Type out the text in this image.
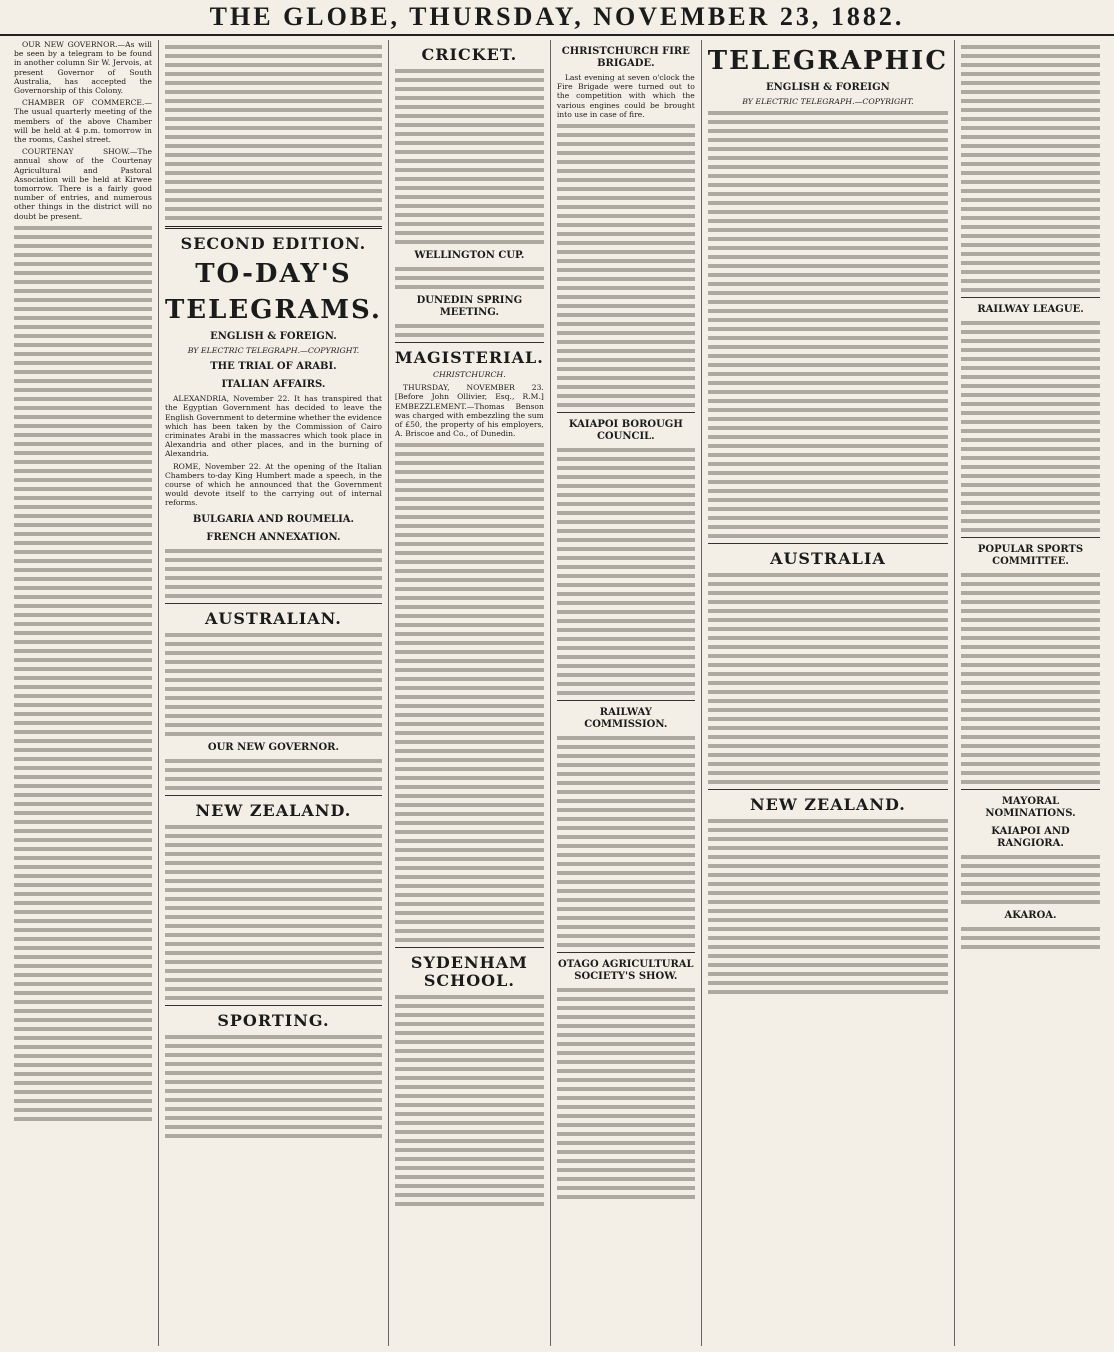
THE GLOBE, THURSDAY, NOVEMBER 23, 1882.

OUR NEW GOVERNOR.—As will be seen by a telegram to be found in another column Sir W. Jervois, at present Governor of South Australia, has accepted the Governorship of this Colony.

CHAMBER OF COMMERCE.—The usual quarterly meeting of the members of the above Chamber will be held at 4 p.m. tomorrow in the rooms, Cashel street.

COURTENAY SHOW.—The annual show of the Courtenay Agricultural and Pastoral Association will be held at Kirwee tomorrow. There is a fairly good number of entries, and numerous other things in the district will no doubt be present.

SECOND EDITION.
TO-DAY'S
TELEGRAMS.
ENGLISH & FOREIGN.
BY ELECTRIC TELEGRAPH.—COPYRIGHT.
THE TRIAL OF ARABI.
ITALIAN AFFAIRS.

ALEXANDRIA, November 22. It has transpired that the Egyptian Government has decided to leave the English Government to determine whether the evidence which has been taken by the Commission of Cairo criminates Arabi in the massacres which took place in Alexandria and other places, and in the burning of Alexandria.

ROME, November 22. At the opening of the Italian Chambers to-day King Humbert made a speech, in the course of which he announced that the Government would devote itself to the carrying out of internal reforms.

BULGARIA AND ROUMELIA.
FRENCH ANNEXATION.
AUSTRALIAN.
OUR NEW GOVERNOR.
NEW ZEALAND.
SPORTING.
CRICKET.
WELLINGTON CUP.
DUNEDIN SPRING MEETING.
MAGISTERIAL.
CHRISTCHURCH.

THURSDAY, NOVEMBER 23. [Before John Ollivier, Esq., R.M.] EMBEZZLEMENT.—Thomas Benson was charged with embezzling the sum of £50, the property of his employers, A. Briscoe and Co., of Dunedin.

SYDENHAM SCHOOL.
CHRISTCHURCH FIRE BRIGADE.

Last evening at seven o'clock the Fire Brigade were turned out to the competition with which the various engines could be brought into use in case of fire.

KAIAPOI BOROUGH COUNCIL.
RAILWAY COMMISSION.
OTAGO AGRICULTURAL SOCIETY'S SHOW.
TELEGRAPHIC
ENGLISH & FOREIGN
BY ELECTRIC TELEGRAPH.—COPYRIGHT.
AUSTRALIA
NEW ZEALAND.
RAILWAY LEAGUE.
POPULAR SPORTS COMMITTEE.
MAYORAL NOMINATIONS.
KAIAPOI AND RANGIORA.
AKAROA.
